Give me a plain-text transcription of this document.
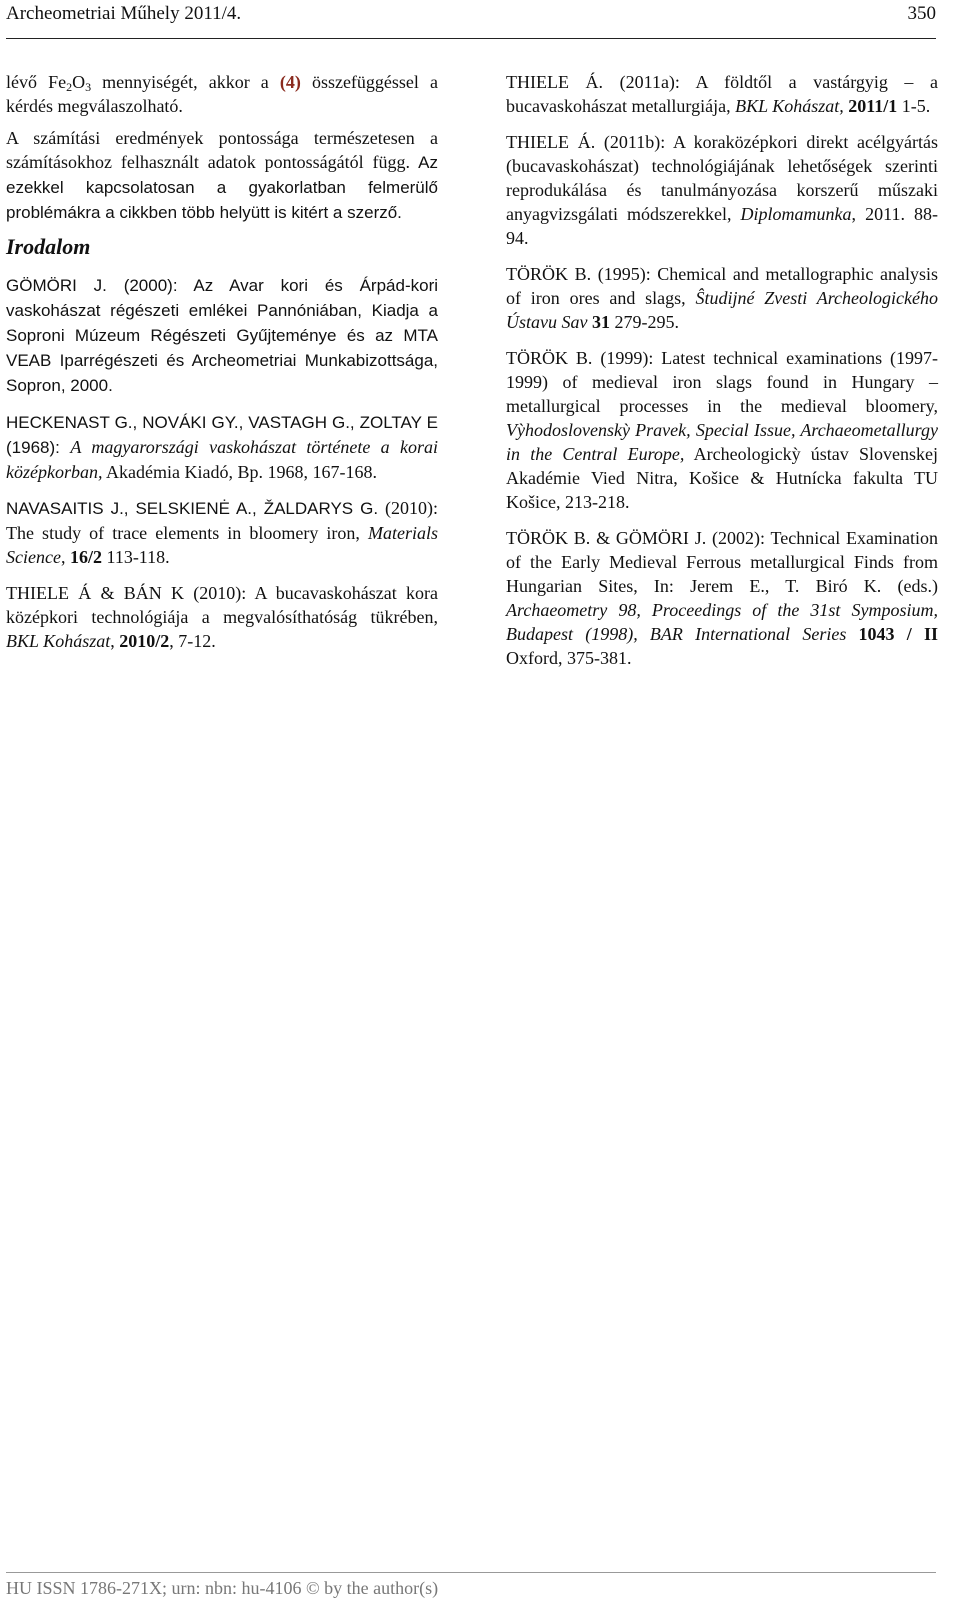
Archeometriai Műhely 2011/4.	350

lévő $Fe_2O_3$ mennyiségét, akkor a (4) összefüggéssel a kérdés megválaszolható.

A számítási eredmények pontossága természetesen a számításokhoz felhasznált adatok pontosságától függ. Az ezekkel kapcsolatosan a gyakorlatban felmerülő problémákra a cikkben több helyütt is kitért a szerző.

Irodalom

GÖMÖRI J. (2000): Az Avar kori és Árpád-kori vaskohászat régészeti emlékei Pannóniában, Kiadja a Soproni Múzeum Régészeti Gyűjteménye és az MTA VEAB Iparrégészeti és Archeometriai Munkabizottsága, Sopron, 2000.

HECKENAST G., NOVÁKI GY., VASTAGH G., ZOLTAY E (1968): A magyarországi vaskohászat története a korai középkorban, Akadémia Kiadó, Bp. 1968, 167-168.

NAVASAITIS J., SELSKIENĖ A., ŽALDARYS G. (2010): The study of trace elements in bloomery iron, Materials Science, 16/2 113-118.

THIELE Á & BÁN K (2010): A bucavaskohászat kora középkori technológiája a megvalósíthatóság tükrében, BKL Kohászat, 2010/2, 7-12.

THIELE Á. (2011a): A földtől a vastárgyig – a bucavaskohászat metallurgiája, BKL Kohászat, 2011/1 1-5.

THIELE Á. (2011b): A koraközépkori direkt acélgyártás (bucavaskohászat) technológiájának lehetőségek szerinti reprodukálása és tanulmányozása korszerű műszaki anyagvizsgálati módszerekkel, Diplomamunka, 2011. 88-94.

TÖRÖK B. (1995): Chemical and metallographic analysis of iron ores and slags, Ŝtudijné Zvesti Archeologického Ústavu Sav 31 279-295.

TÖRÖK B. (1999): Latest technical examinations (1997-1999) of medieval iron slags found in Hungary – metallurgical processes in the medieval bloomery, Vỳhodoslovenskỳ Pravek, Special Issue, Archaeometallurgy in the Central Europe, Archeologickỳ ústav Slovenskej Akadémie Vied Nitra, Košice & Hutnícka fakulta TU Košice, 213-218.

TÖRÖK B. & GÖMÖRI J. (2002): Technical Examination of the Early Medieval Ferrous metallurgical Finds from Hungarian Sites, In: Jerem E., T. Biró K. (eds.) Archaeometry 98, Proceedings of the 31st Symposium, Budapest (1998), BAR International Series 1043 / II Oxford, 375-381.

HU ISSN 1786-271X; urn: nbn: hu-4106 © by the author(s)
